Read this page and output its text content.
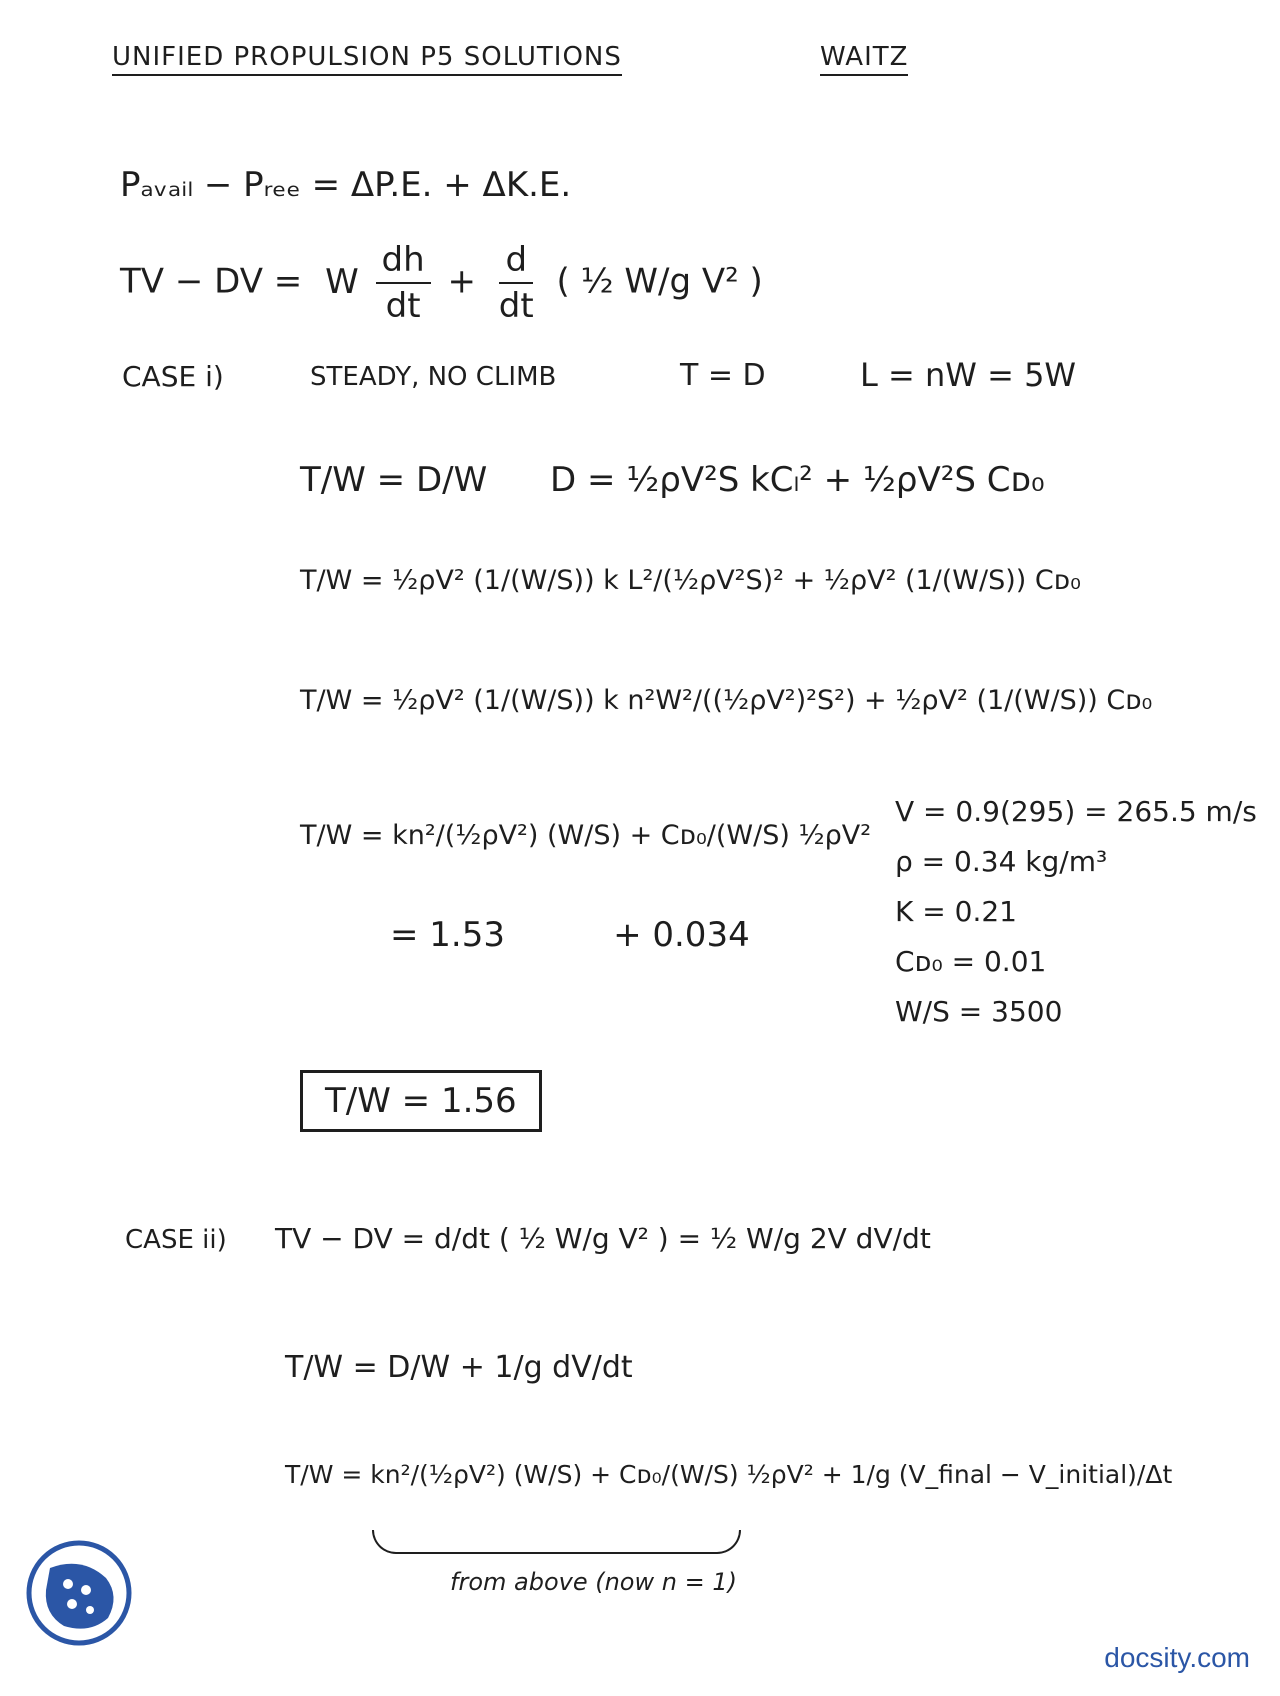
UNIFIED PROPULSION P5 SOLUTIONS	WAITZ
Pₐᵥₐᵢₗ − Pᵣₑₑ = ΔP.E. + ΔK.E.
TV − DV = W $\frac{dh}{dt} + \frac{d}{dt}$ ( ½ W/g V² )
CASE i)	STEADY, NO CLIMB	T = D	L = nW = 5W
T/W = D/W D = ½ρV²S kCₗ² + ½ρV²S Cᴅ₀
T/W = ½ρV² (1/(W/S)) k L²/(½ρV²S)² + ½ρV² (1/(W/S)) Cᴅ₀
T/W = ½ρV² (1/(W/S)) k n²W²/((½ρV²)²S²) + ½ρV² (1/(W/S)) Cᴅ₀
T/W = kn²/(½ρV²) (W/S) + Cᴅ₀/(W/S) ½ρV²
= 1.53          + 0.034
V = 0.9(295) = 265.5 m/s
ρ = 0.34 kg/m³
K = 0.21
Cᴅ₀ = 0.01
W/S = 3500
T/W = 1.56
CASE ii) TV − DV = d/dt ( ½ W/g V² ) = ½ W/g 2V dV/dt
T/W = D/W + 1/g dV/dt
T/W = kn²/(½ρV²) (W/S) + Cᴅ₀/(W/S) ½ρV² + 1/g (V_final − V_initial)/Δt
from above (now n = 1)
docsity.com
